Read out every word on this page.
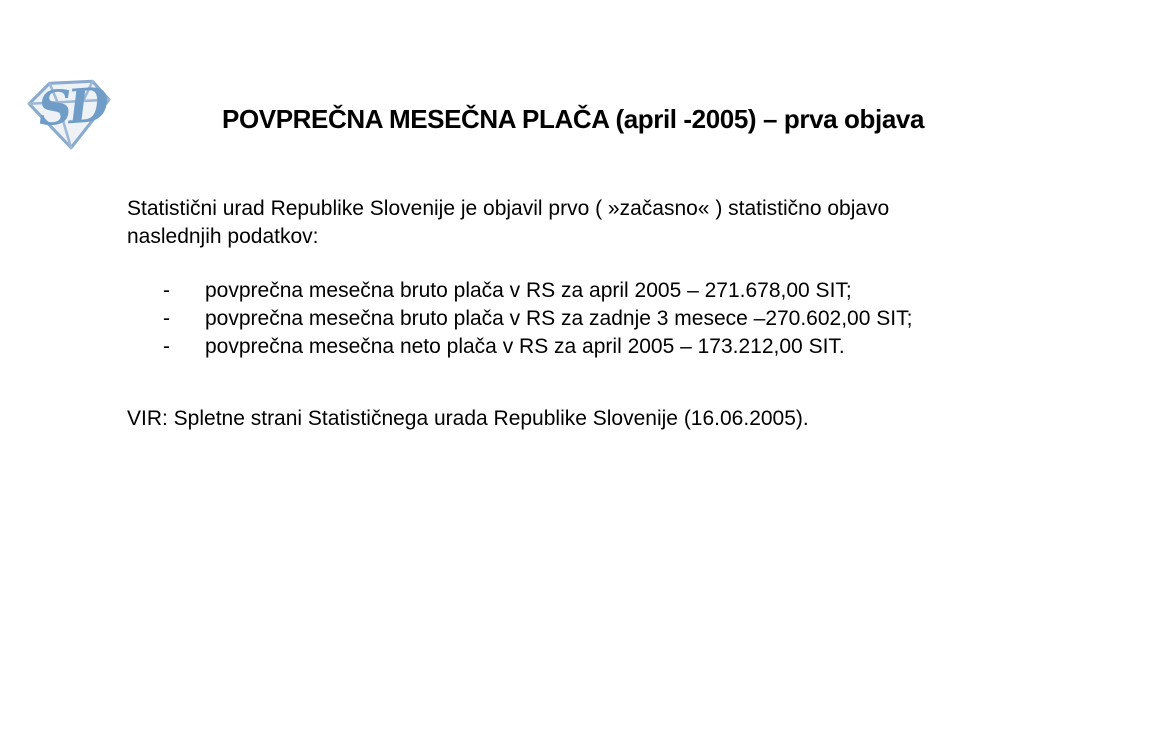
SD	POVPREČNA MESEČNA PLAČA (april -2005) – prva objava
Statistični urad Republike Slovenije je objavil prvo ( »začasno« ) statistično objavo
naslednjih podatkov:
-	povprečna mesečna bruto plača v RS za april 2005 – 271.678,00 SIT;
-	povprečna mesečna bruto plača v RS za zadnje 3 mesece –270.602,00 SIT;
-	povprečna mesečna neto plača v RS za april 2005 – 173.212,00 SIT.
VIR: Spletne strani Statističnega urada Republike Slovenije (16.06.2005).
